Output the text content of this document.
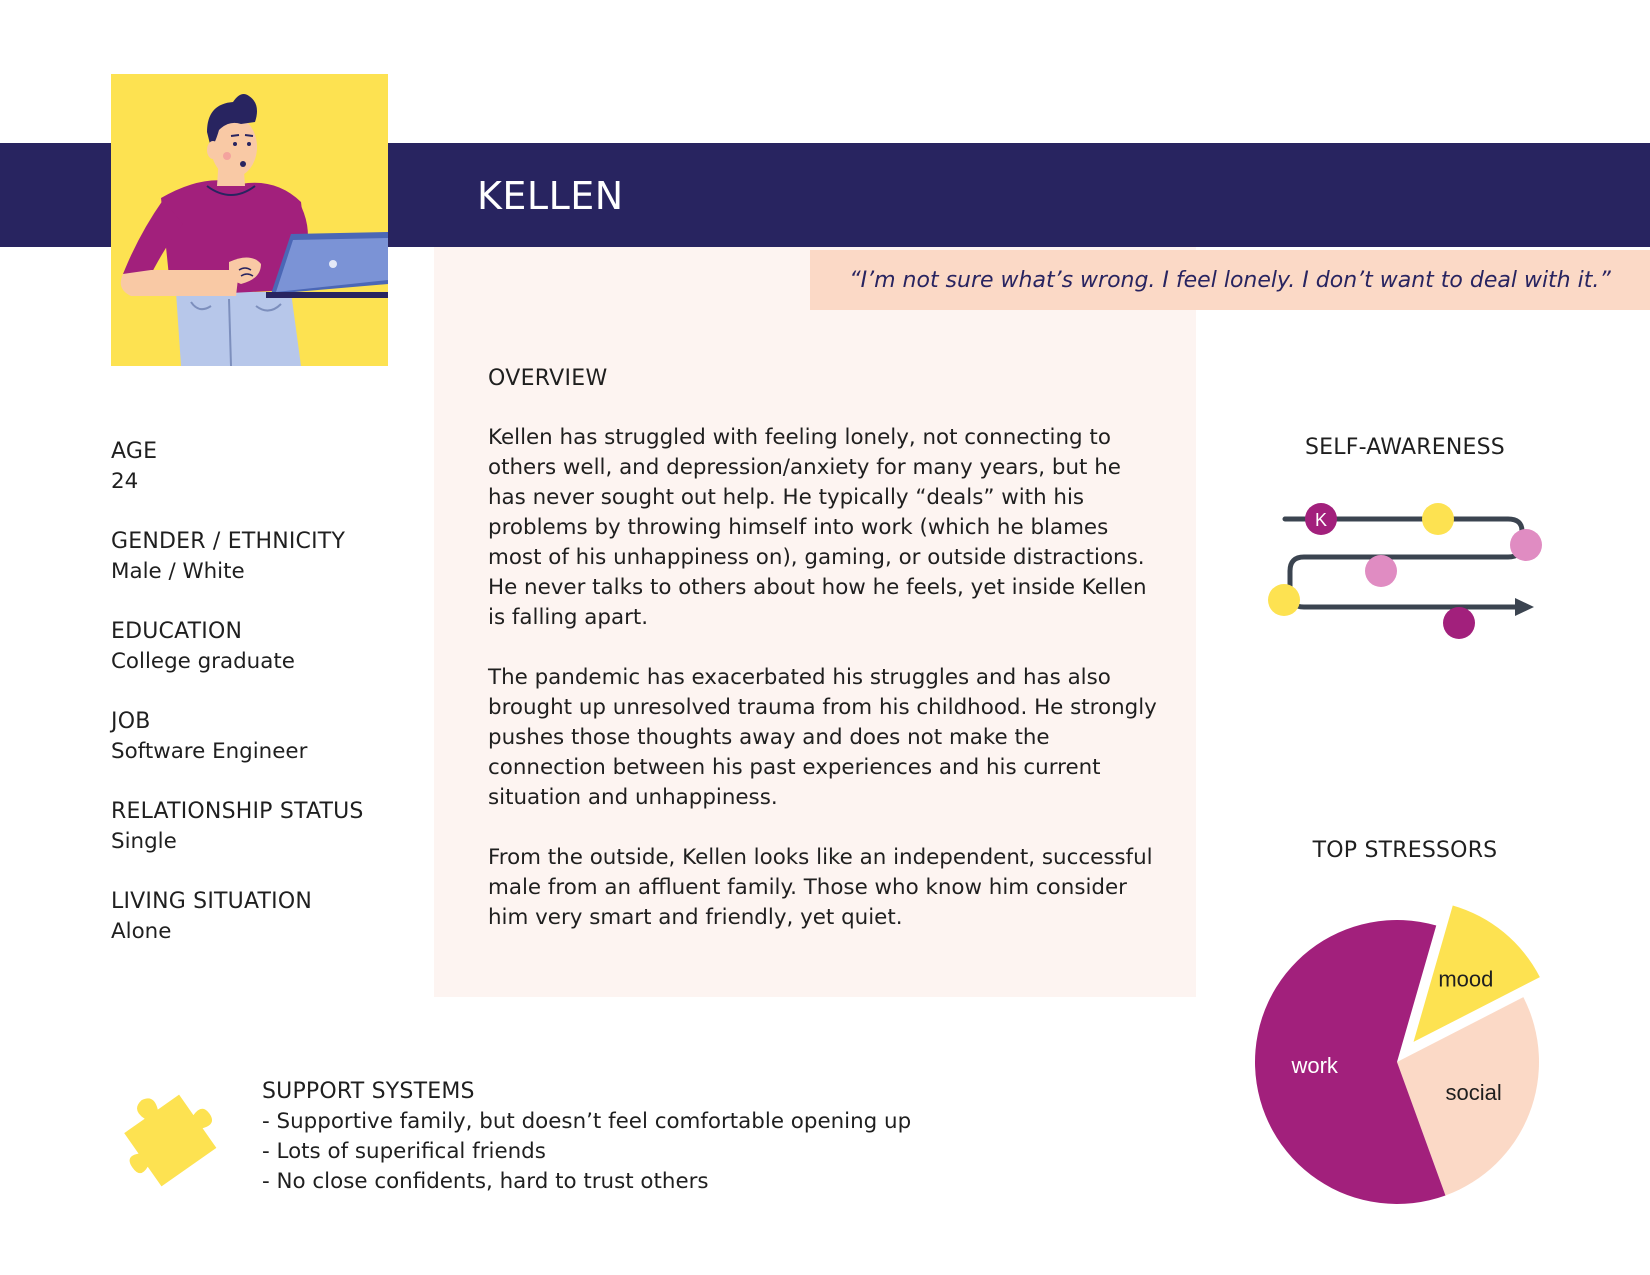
KELLEN
“I’m not sure what’s wrong. I feel lonely. I don’t want to deal with it.”
AGE
24
GENDER / ETHNICITY
Male / White
EDUCATION
College graduate
JOB
Software Engineer
RELATIONSHIP STATUS
Single
LIVING SITUATION
Alone
OVERVIEW

Kellen has struggled with feeling lonely, not connecting to others well, and depression/anxiety for many years, but he has never sought out help. He typically “deals” with his problems by throwing himself into work (which he blames most of his unhappiness on), gaming, or outside distractions. He never talks to others about how he feels, yet inside Kellen is falling apart.

The pandemic has exacerbated his struggles and has also brought up unresolved trauma from his childhood. He strongly pushes those thoughts away and does not make the connection between his past experiences and his current situation and unhappiness.

From the outside, Kellen looks like an independent, successful male from an affluent family. Those who know him consider him very smart and friendly, yet quiet.

SELF-AWARENESS
K
TOP STRESSORS
mood
social
work
SUPPORT SYSTEMS
- Supportive family, but doesn’t feel comfortable opening up
- Lots of superifical friends
- No close confidents, hard to trust others
